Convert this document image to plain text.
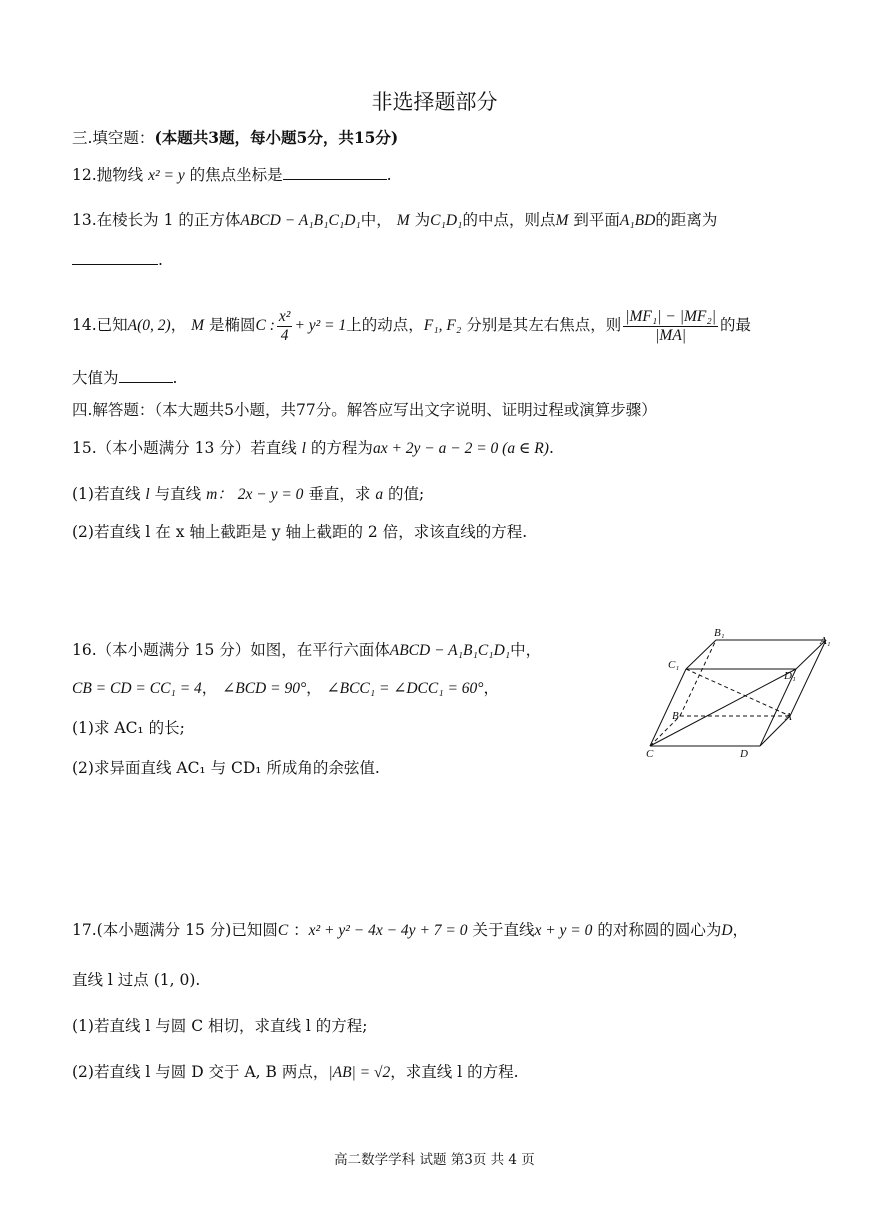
非选择题部分
三.填空题：(本题共3题，每小题5分，共15分)
12.抛物线 x² = y 的焦点坐标是	.
13.在棱长为 1 的正方体ABCD − A₁B₁C₁D₁中， M 为C₁D₁的中点，则点M 到平面A₁BD的距离为
.
14.已知A(0, 2)， M 是椭圆C : $\frac{\text{x²}}{4} + y^2 = 1$上的动点，F₁, F₂ 分别是其左右焦点，则 $\frac{\text{|MF₁| − |MF₂|}}{|MA|}$ 的最
大值为	.
四.解答题：（本大题共5小题，共77分。解答应写出文字说明、证明过程或演算步骤）
15.（本小题满分 13 分）若直线 l 的方程为ax + 2y − a − 2 = 0 (a ∈ R).
(1)若直线 l 与直线 m： 2x − y = 0 垂直，求 a 的值;
(2)若直线 l 在 x 轴上截距是 y 轴上截距的 2 倍，求该直线的方程.
16.（本小题满分 15 分）如图，在平行六面体ABCD − A₁B₁C₁D₁中，
CB = CD = CC₁ = 4， ∠BCD = 90°， ∠BCC₁ = ∠DCC₁ = 60°，
(1)求 AC₁ 的长;
(2)求异面直线 AC₁ 与 CD₁ 所成角的余弦值.
B₁
A₁
C₁
D₁
B	A
C	D
17.(本小题满分 15 分)已知圆C ：x² + y² − 4x − 4y + 7 = 0 关于直线x + y = 0 的对称圆的圆心为D，
直线 l 过点 (1, 0).
(1)若直线 l 与圆 C 相切，求直线 l 的方程;
(2)若直线 l 与圆 D 交于 A, B 两点，|AB| = √2，求直线 l 的方程.
高二数学学科 试题 第3页 共 4 页
